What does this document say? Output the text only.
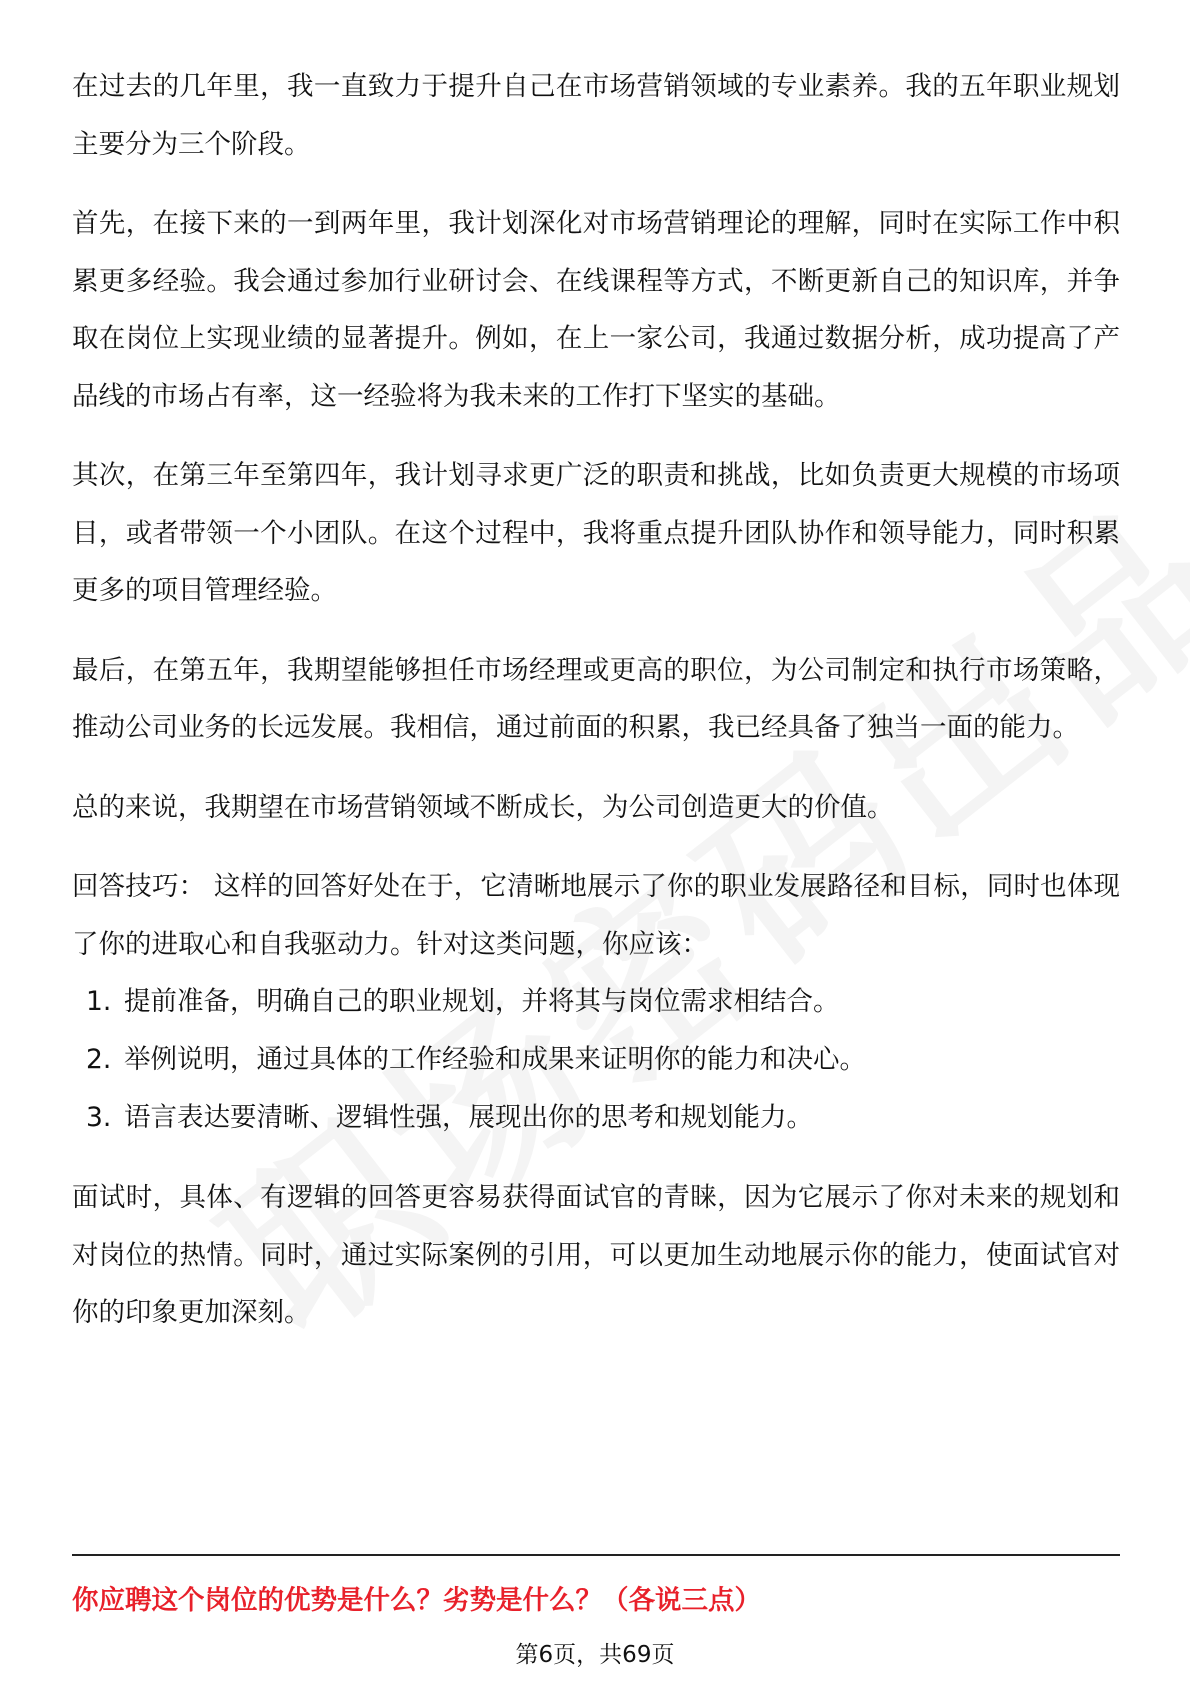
在过去的几年里，我一直致力于提升自己在市场营销领域的专业素养。我的五年职业规划主要分为三个阶段。

首先，在接下来的一到两年里，我计划深化对市场营销理论的理解，同时在实际工作中积累更多经验。我会通过参加行业研讨会、在线课程等方式，不断更新自己的知识库，并争取在岗位上实现业绩的显著提升。例如，在上一家公司，我通过数据分析，成功提高了产品线的市场占有率，这一经验将为我未来的工作打下坚实的基础。

其次，在第三年至第四年，我计划寻求更广泛的职责和挑战，比如负责更大规模的市场项目，或者带领一个小团队。在这个过程中，我将重点提升团队协作和领导能力，同时积累更多的项目管理经验。

最后，在第五年，我期望能够担任市场经理或更高的职位，为公司制定和执行市场策略，推动公司业务的长远发展。我相信，通过前面的积累，我已经具备了独当一面的能力。

总的来说，我期望在市场营销领域不断成长，为公司创造更大的价值。

回答技巧： 这样的回答好处在于，它清晰地展示了你的职业发展路径和目标，同时也体现了你的进取心和自我驱动力。针对这类问题，你应该：

1. 提前准备，明确自己的职业规划，并将其与岗位需求相结合。
2. 举例说明，通过具体的工作经验和成果来证明你的能力和决心。
3. 语言表达要清晰、逻辑性强，展现出你的思考和规划能力。

面试时，具体、有逻辑的回答更容易获得面试官的青睐，因为它展示了你对未来的规划和对岗位的热情。同时，通过实际案例的引用，可以更加生动地展示你的能力，使面试官对你的印象更加深刻。

你应聘这个岗位的优势是什么？劣势是什么？（各说三点）
第6页，共69页
